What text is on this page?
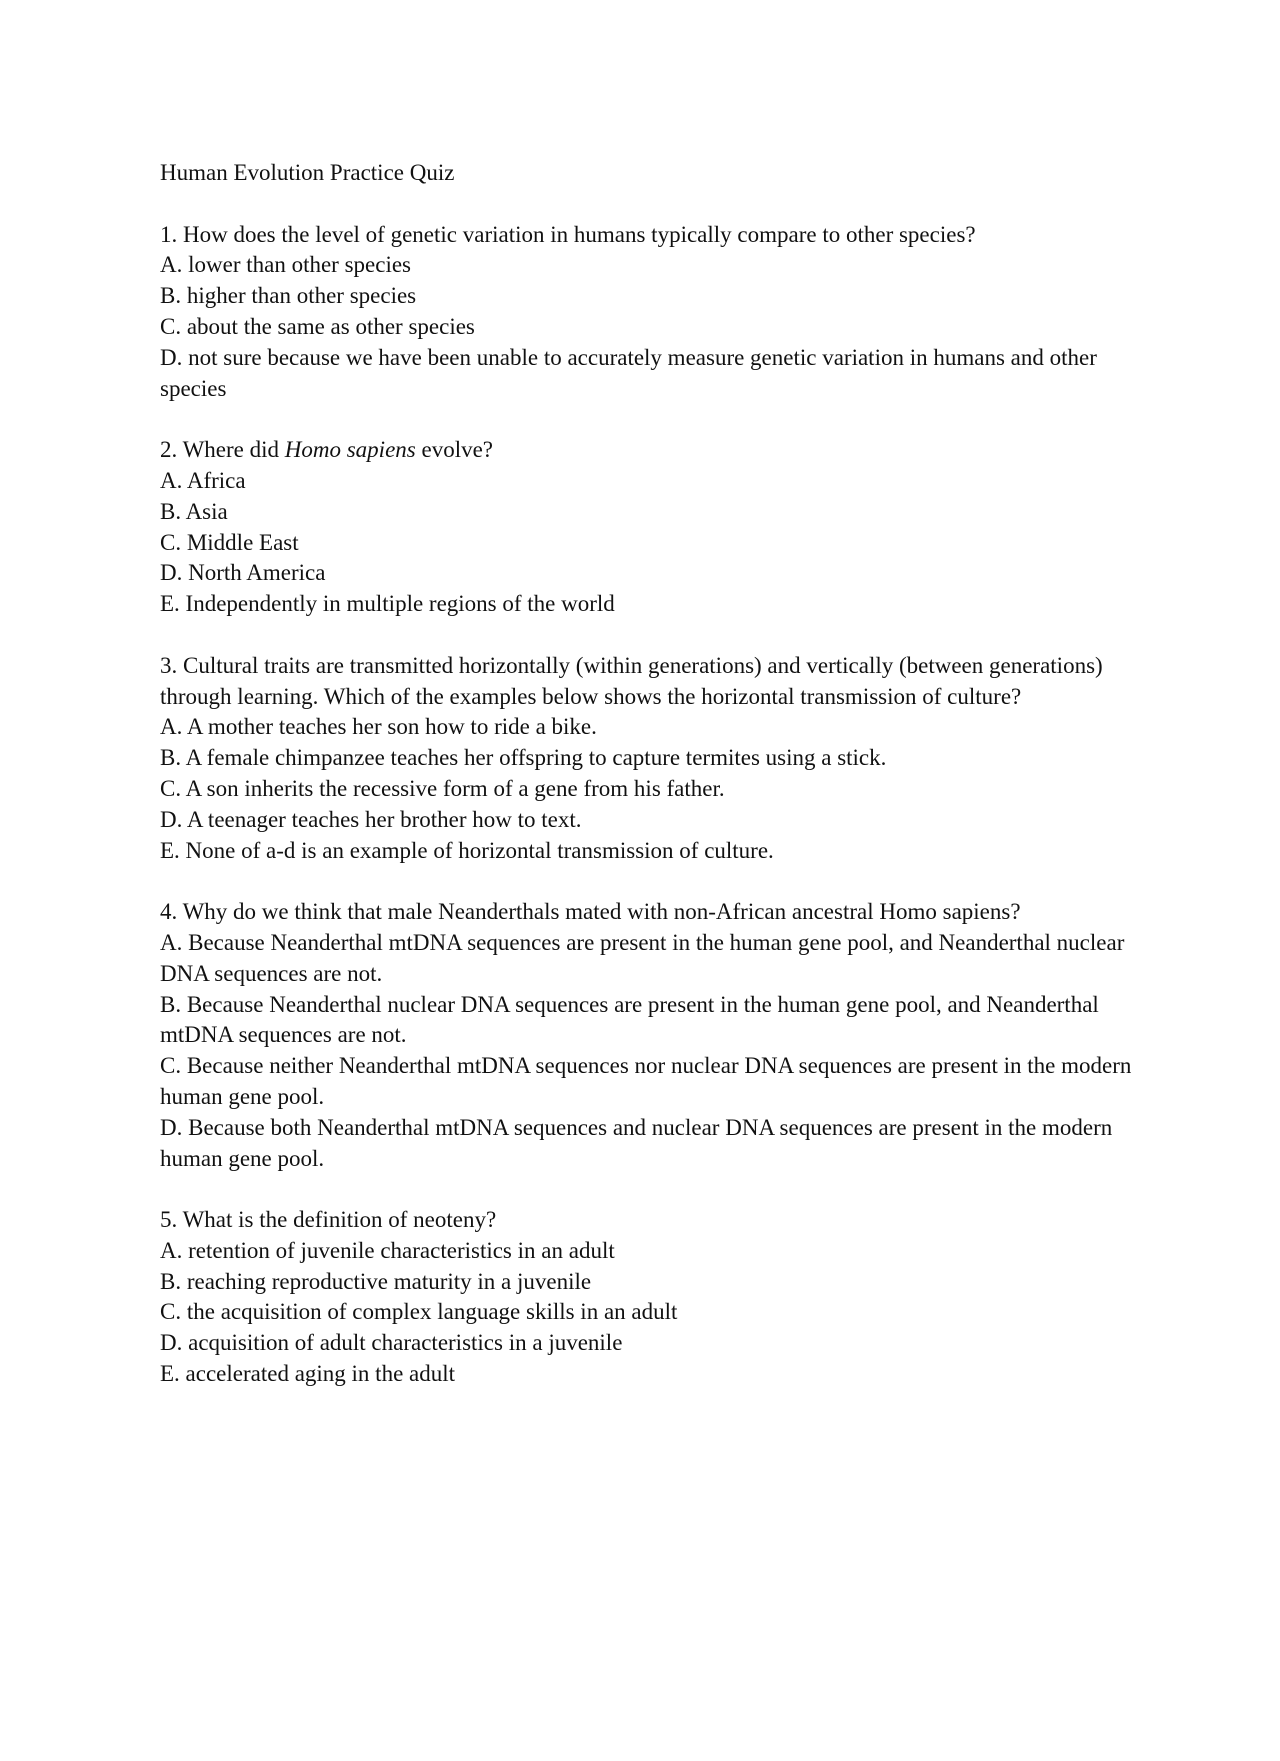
Human Evolution Practice Quiz

1. How does the level of genetic variation in humans typically compare to other species?

A. lower than other species

B. higher than other species

C. about the same as other species

D. not sure because we have been unable to accurately measure genetic variation in humans and other species

2. Where did Homo sapiens evolve?

A. Africa

B. Asia

C. Middle East

D. North America

E. Independently in multiple regions of the world

3. Cultural traits are transmitted horizontally (within generations) and vertically (between generations) through learning. Which of the examples below shows the horizontal transmission of culture?

A. A mother teaches her son how to ride a bike.

B. A female chimpanzee teaches her offspring to capture termites using a stick.

C. A son inherits the recessive form of a gene from his father.

D. A teenager teaches her brother how to text.

E. None of a-d is an example of horizontal transmission of culture.

4. Why do we think that male Neanderthals mated with non-African ancestral Homo sapiens?

A. Because Neanderthal mtDNA sequences are present in the human gene pool, and Neanderthal nuclear DNA sequences are not.

B. Because Neanderthal nuclear DNA sequences are present in the human gene pool, and Neanderthal mtDNA sequences are not.

C. Because neither Neanderthal mtDNA sequences nor nuclear DNA sequences are present in the modern human gene pool.

D. Because both Neanderthal mtDNA sequences and nuclear DNA sequences are present in the modern human gene pool.

5. What is the definition of neoteny?

A. retention of juvenile characteristics in an adult

B. reaching reproductive maturity in a juvenile

C. the acquisition of complex language skills in an adult

D. acquisition of adult characteristics in a juvenile

E. accelerated aging in the adult
